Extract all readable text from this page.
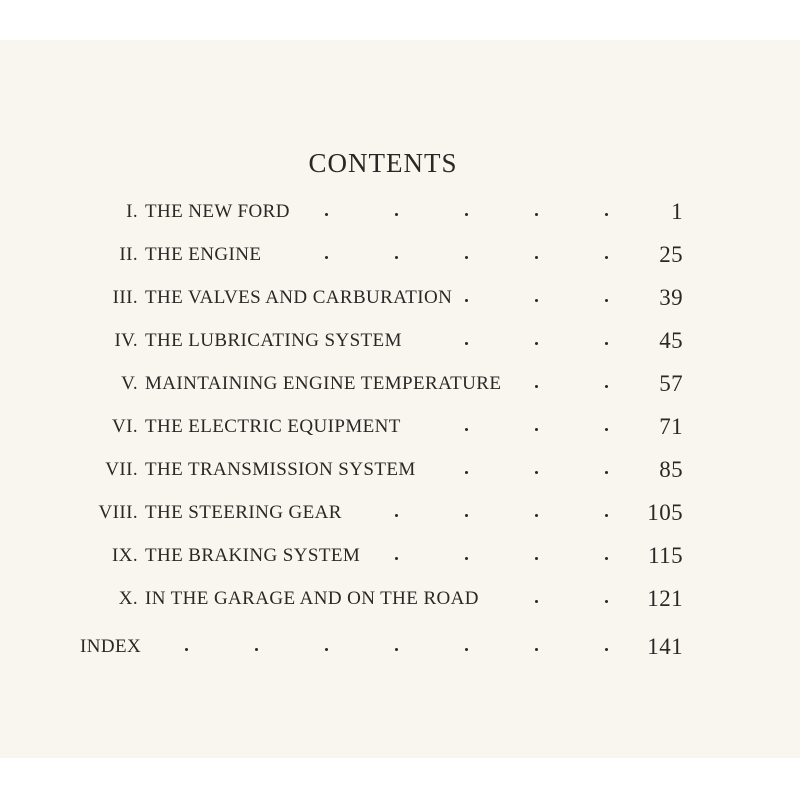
CONTENTS
I. THE NEW FORD	1
II. THE ENGINE	25
III. THE VALVES AND CARBURATION	39
IV. THE LUBRICATING SYSTEM	45
V. MAINTAINING ENGINE TEMPERATURE	57
VI. THE ELECTRIC EQUIPMENT	71
VII. THE TRANSMISSION SYSTEM	85
VIII. THE STEERING GEAR	105
IX. THE BRAKING SYSTEM	115
X. IN THE GARAGE AND ON THE ROAD	121
INDEX	141
